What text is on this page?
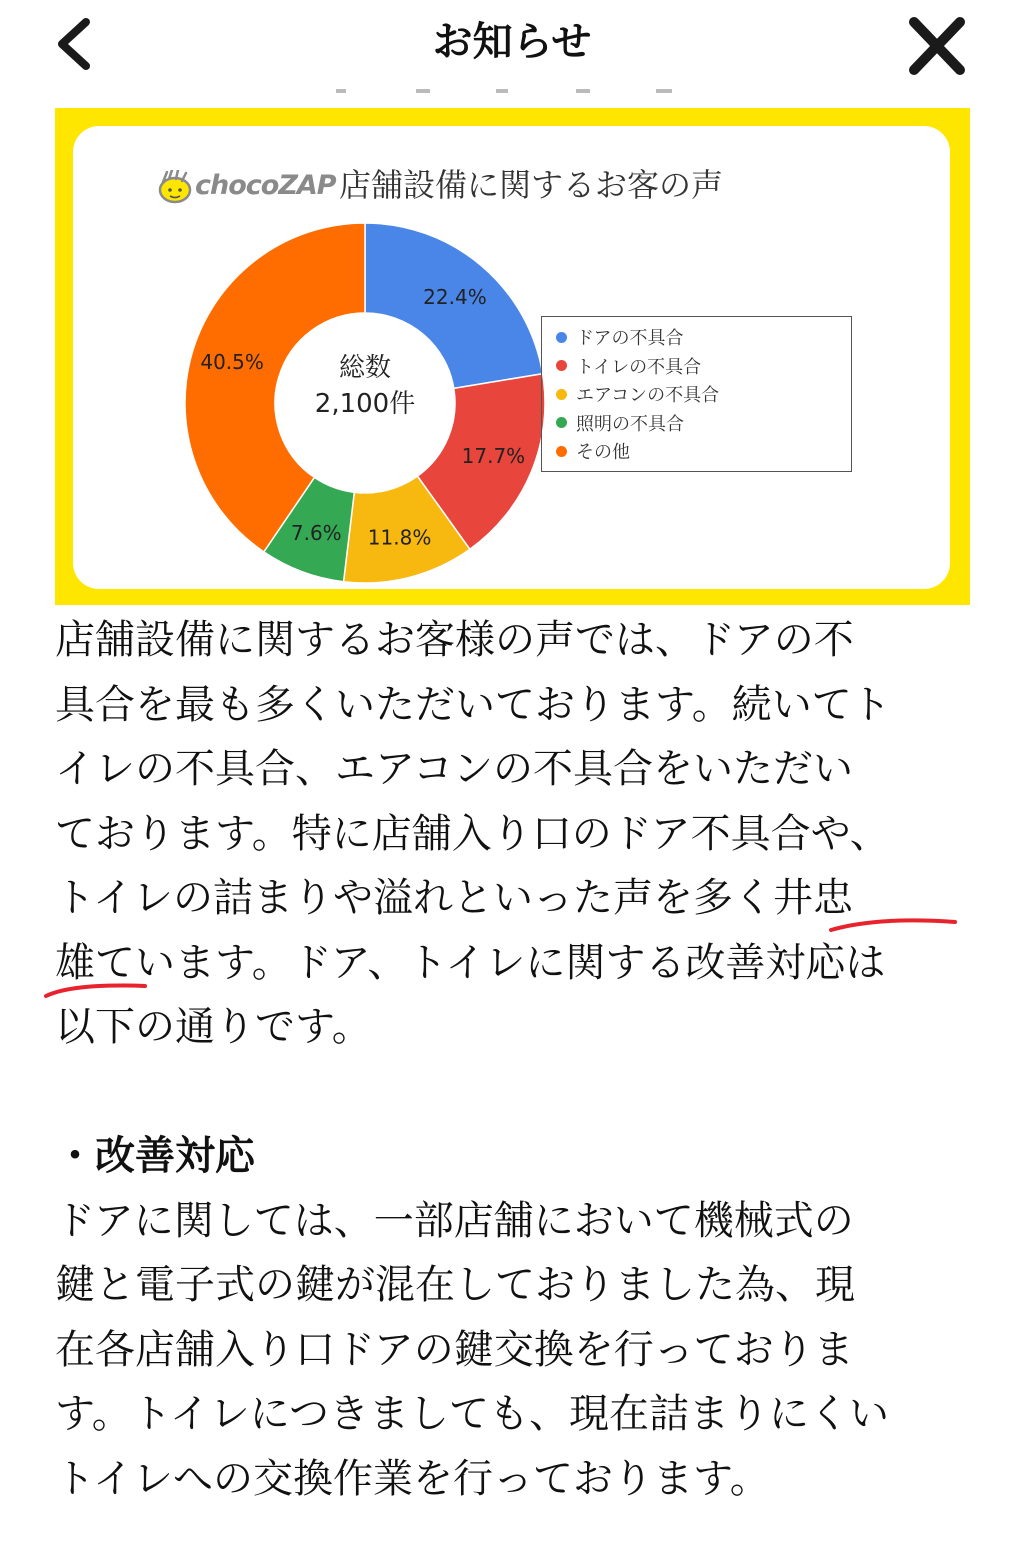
お知らせ
chocoZAP 店舗設備に関するお客の声
22.4%
17.7%
11.8%
7.6%
40.5%	総数
2,100件
ドアの不具合
トイレの不具合
エアコンの不具合
照明の不具合
その他
店舗設備に関するお客様の声では、ドアの不
具合を最も多くいただいております。続いてト
イレの不具合、エアコンの不具合をいただい
ております。特に店舗入り口のドア不具合や、
トイレの詰まりや溢れといった声を多く井忠
雄ています。ドア、トイレに関する改善対応は
以下の通りです。
・改善対応
ドアに関しては、一部店舗において機械式の
鍵と電子式の鍵が混在しておりました為、現
在各店舗入り口ドアの鍵交換を行っておりま
す。トイレにつきましても、現在詰まりにくい
トイレへの交換作業を行っております。
